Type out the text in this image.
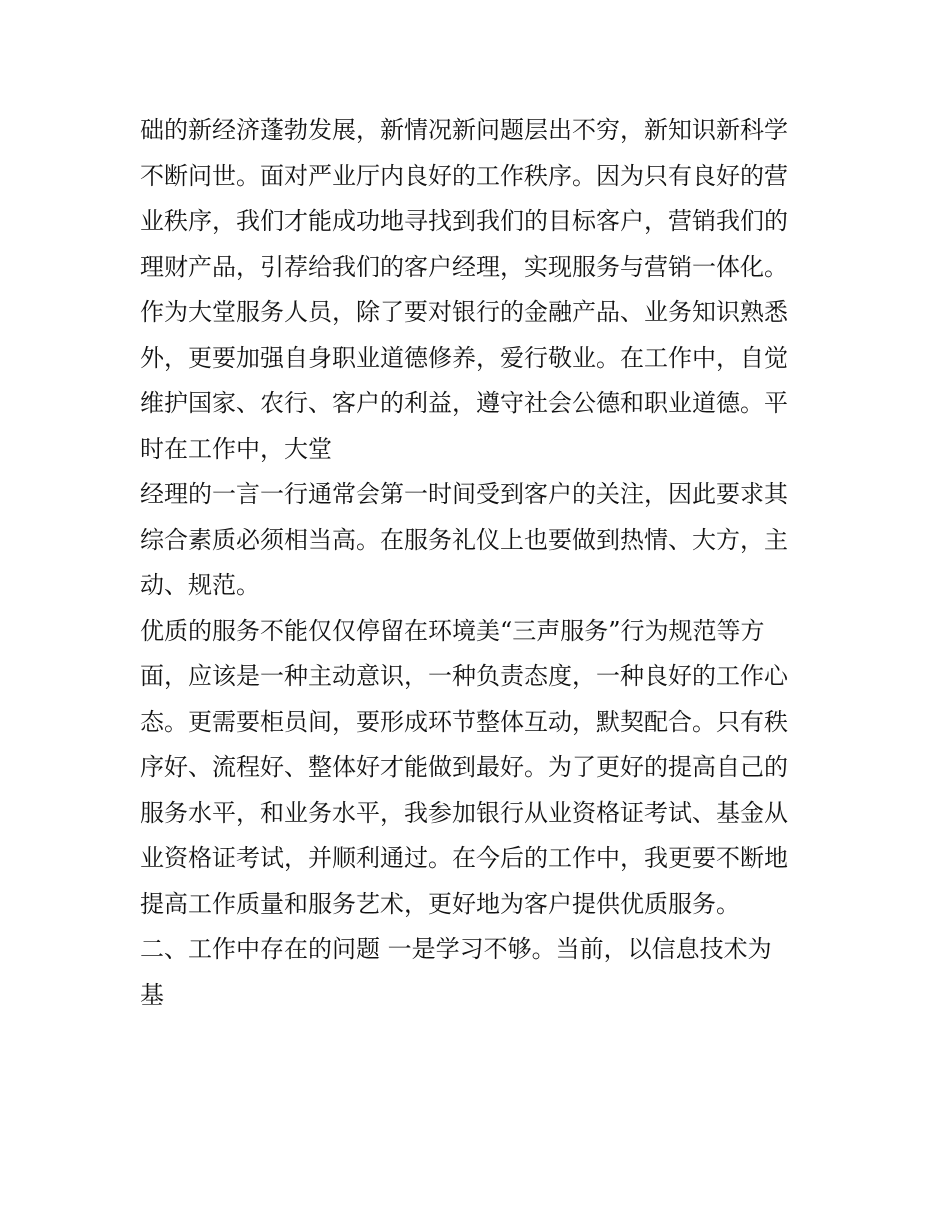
础的新经济蓬勃发展，新情况新问题层出不穷，新知识新科学
不断问世。面对严业厅内良好的工作秩序。因为只有良好的营
业秩序，我们才能成功地寻找到我们的目标客户，营销我们的
理财产品，引荐给我们的客户经理，实现服务与营销一体化。
作为大堂服务人员，除了要对银行的金融产品、业务知识熟悉
外，更要加强自身职业道德修养，爱行敬业。在工作中，自觉
维护国家、农行、客户的利益，遵守社会公德和职业道德。平
时在工作中，大堂
经理的一言一行通常会第一时间受到客户的关注，因此要求其
综合素质必须相当高。在服务礼仪上也要做到热情、大方，主
动、规范。
优质的服务不能仅仅停留在环境美“三声服务”行为规范等方
面，应该是一种主动意识，一种负责态度，一种良好的工作心
态。更需要柜员间，要形成环节整体互动，默契配合。只有秩
序好、流程好、整体好才能做到最好。为了更好的提高自己的
服务水平，和业务水平，我参加银行从业资格证考试、基金从
业资格证考试，并顺利通过。在今后的工作中，我更要不断地
提高工作质量和服务艺术，更好地为客户提供优质服务。
二、工作中存在的问题 一是学习不够。当前，以信息技术为
基
